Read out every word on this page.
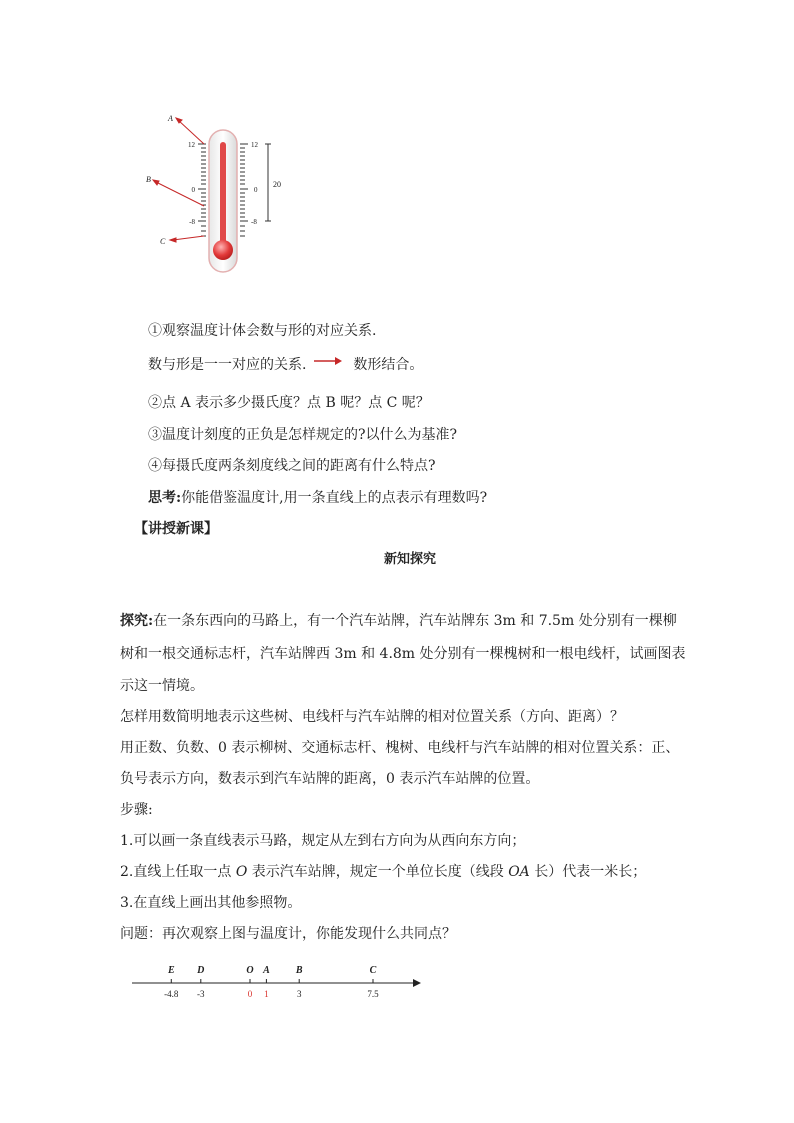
12
0
-8
12
0
-8
20
A
B
C
①观察温度计体会数与形的对应关系.
数与形是一一对应的关系.	数形结合。
②点 A 表示多少摄氏度？点 B 呢？点 C 呢？
③温度计刻度的正负是怎样规定的?以什么为基准?
④每摄氏度两条刻度线之间的距离有什么特点?
思考:你能借鉴温度计,用一条直线上的点表示有理数吗?
【讲授新课】
新知探究
探究:在一条东西向的马路上，有一个汽车站牌，汽车站牌东 3m 和 7.5m 处分别有一棵柳
树和一根交通标志杆，汽车站牌西 3m 和 4.8m 处分别有一棵槐树和一根电线杆，试画图表
示这一情境。
怎样用数简明地表示这些树、电线杆与汽车站牌的相对位置关系（方向、距离）？
用正数、负数、0 表示柳树、交通标志杆、槐树、电线杆与汽车站牌的相对位置关系：正、
负号表示方向，数表示到汽车站牌的距离，0 表示汽车站牌的位置。
步骤:
1.可以画一条直线表示马路，规定从左到右方向为从西向东方向；
2.直线上任取一点 O 表示汽车站牌，规定一个单位长度（线段 OA 长）代表一米长；
3.在直线上画出其他参照物。
问题：再次观察上图与温度计，你能发现什么共同点？
E
-4.8
D
-3
O
0
A
1
B
3
C
7.5
